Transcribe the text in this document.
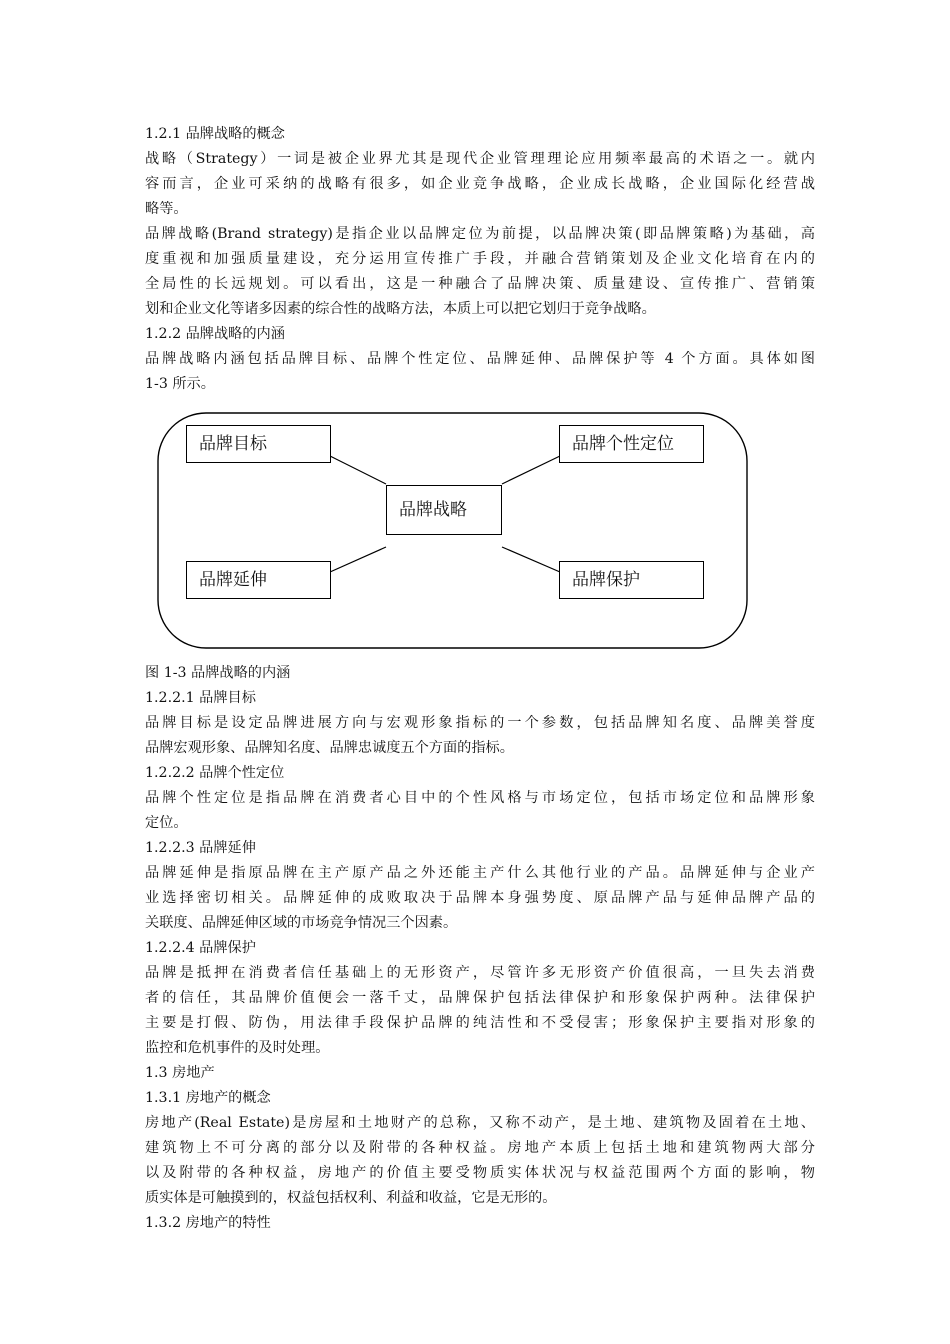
1.2.1 品牌战略的概念
战略（Strategy）一词是被企业界尤其是现代企业管理理论应用频率最高的术语之一。就内
容而言，企业可采纳的战略有很多，如企业竞争战略，企业成长战略，企业国际化经营战
略等。
品牌战略(Brand strategy)是指企业以品牌定位为前提，以品牌决策(即品牌策略)为基础，高
度重视和加强质量建设，充分运用宣传推广手段，并融合营销策划及企业文化培育在内的
全局性的长远规划。可以看出，这是一种融合了品牌决策、质量建设、宣传推广、营销策
划和企业文化等诸多因素的综合性的战略方法，本质上可以把它划归于竞争战略。
1.2.2 品牌战略的内涵
品牌战略内涵包括品牌目标、品牌个性定位、品牌延伸、品牌保护等 4 个方面。具体如图
1-3 所示。
品牌目标	品牌个性定位
品牌战略
品牌延伸	品牌保护
图 1-3 品牌战略的内涵
1.2.2.1 品牌目标
品牌目标是设定品牌进展方向与宏观形象指标的一个参数，包括品牌知名度、品牌美誉度
品牌宏观形象、品牌知名度、品牌忠诚度五个方面的指标。
1.2.2.2 品牌个性定位
品牌个性定位是指品牌在消费者心目中的个性风格与市场定位，包括市场定位和品牌形象
定位。
1.2.2.3 品牌延伸
品牌延伸是指原品牌在主产原产品之外还能主产什么其他行业的产品。品牌延伸与企业产
业选择密切相关。品牌延伸的成败取决于品牌本身强势度、原品牌产品与延伸品牌产品的
关联度、品牌延伸区域的市场竞争情况三个因素。
1.2.2.4 品牌保护
品牌是抵押在消费者信任基础上的无形资产，尽管许多无形资产价值很高，一旦失去消费
者的信任，其品牌价值便会一落千丈，品牌保护包括法律保护和形象保护两种。法律保护
主要是打假、防伪，用法律手段保护品牌的纯洁性和不受侵害；形象保护主要指对形象的
监控和危机事件的及时处理。
1.3 房地产
1.3.1 房地产的概念
房地产(Real Estate)是房屋和土地财产的总称，又称不动产，是土地、建筑物及固着在土地、
建筑物上不可分离的部分以及附带的各种权益。房地产本质上包括土地和建筑物两大部分
以及附带的各种权益，房地产的价值主要受物质实体状况与权益范围两个方面的影响，物
质实体是可触摸到的，权益包括权利、利益和收益，它是无形的。
1.3.2 房地产的特性
